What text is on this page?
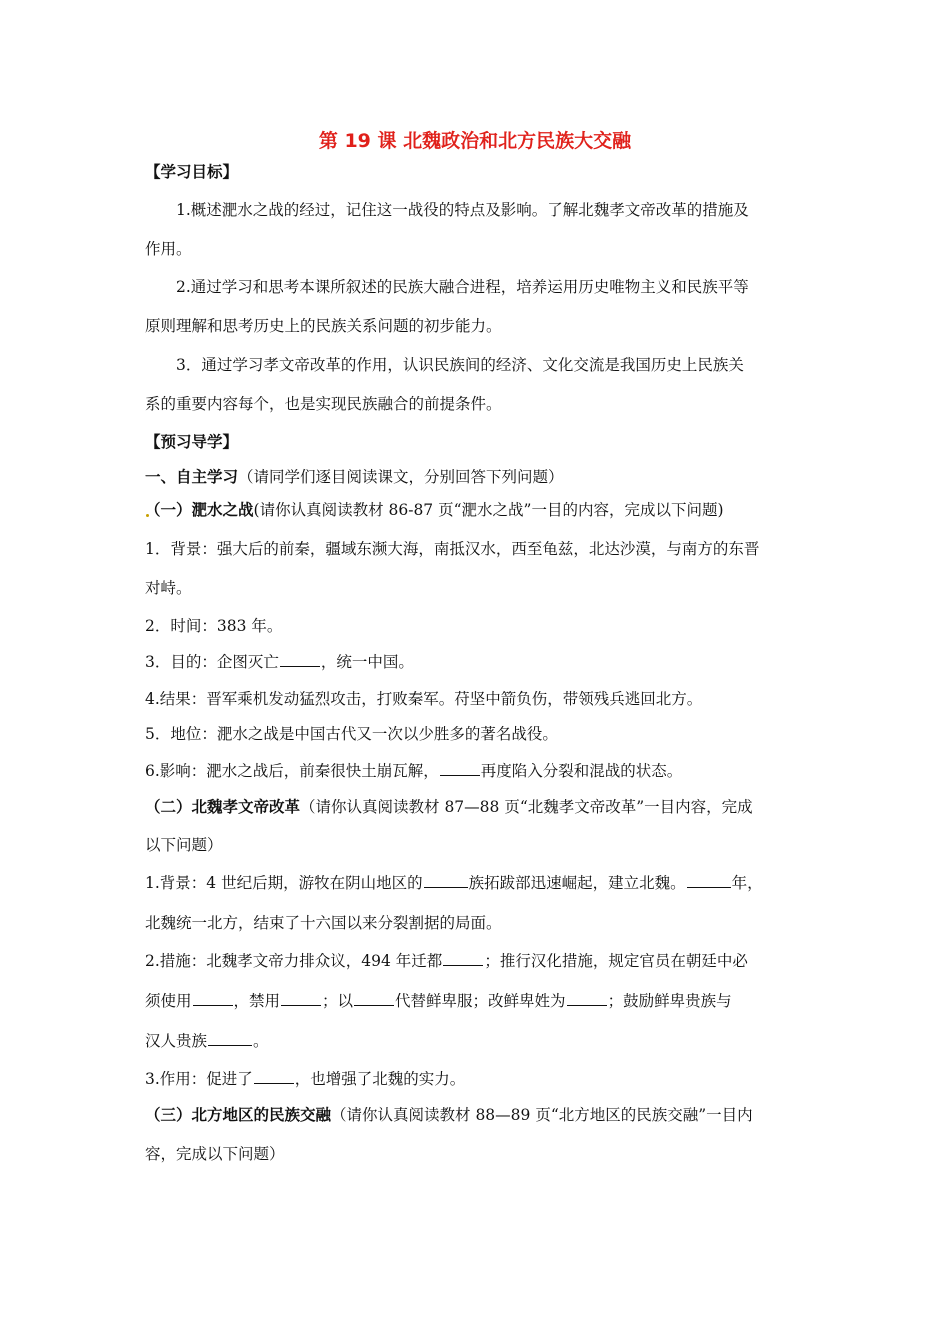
第 19 课 北魏政治和北方民族大交融
【学习目标】
1.概述淝水之战的经过，记住这一战役的特点及影响。了解北魏孝文帝改革的措施及
作用。
2.通过学习和思考本课所叙述的民族大融合进程，培养运用历史唯物主义和民族平等
原则理解和思考历史上的民族关系问题的初步能力。
3．通过学习孝文帝改革的作用，认识民族间的经济、文化交流是我国历史上民族关
系的重要内容每个，也是实现民族融合的前提条件。
【预习导学】
一、自主学习（请同学们逐目阅读课文，分别回答下列问题）
（一）淝水之战(请你认真阅读教材 86-87 页“淝水之战”一目的内容，完成以下问题)
1．背景：强大后的前秦，疆域东濒大海，南抵汉水，西至龟兹，北达沙漠，与南方的东晋
对峙。
2．时间：383 年。
3．目的：企图灭亡	，统一中国。
4.结果：晋军乘机发动猛烈攻击，打败秦军。苻坚中箭负伤，带领残兵逃回北方。
5．地位：淝水之战是中国古代又一次以少胜多的著名战役。
6.影响：淝水之战后，前秦很快土崩瓦解，	再度陷入分裂和混战的状态。
（二）北魏孝文帝改革（请你认真阅读教材 87—88 页“北魏孝文帝改革”一目内容，完成
以下问题）
1.背景：4 世纪后期，游牧在阴山地区的	族拓跋部迅速崛起，建立北魏。	年，
北魏统一北方，结束了十六国以来分裂割据的局面。
2.措施：北魏孝文帝力排众议，494 年迁都	；推行汉化措施，规定官员在朝廷中必
须使用	，禁用	；以	代替鲜卑服；改鲜卑姓为	；鼓励鲜卑贵族与
汉人贵族	。
3.作用：促进了	，也增强了北魏的实力。
（三）北方地区的民族交融（请你认真阅读教材 88—89 页“北方地区的民族交融”一目内
容，完成以下问题）
